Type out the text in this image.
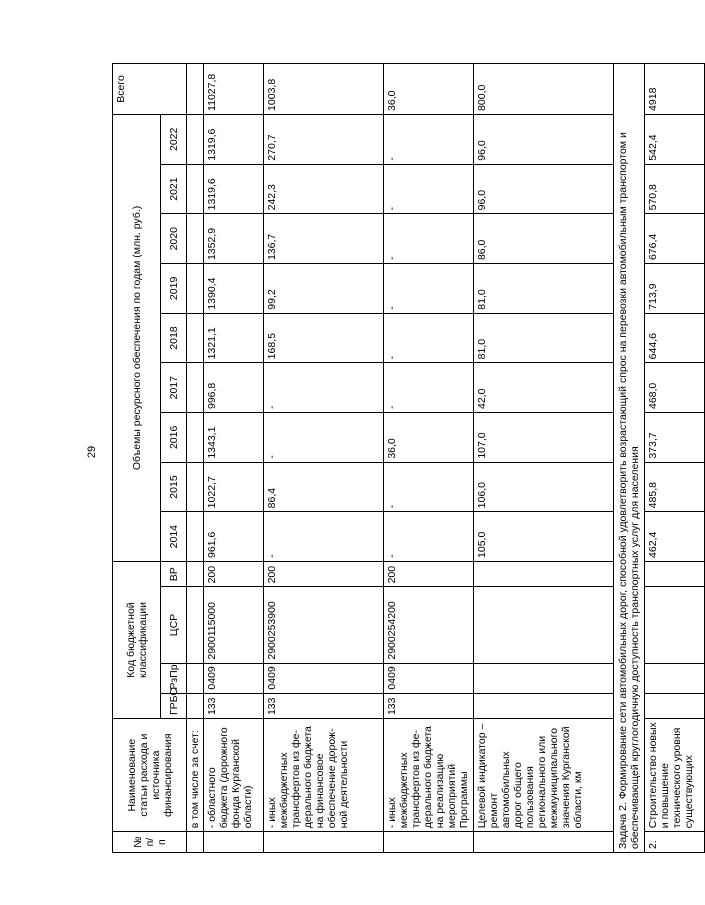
29
№ п/п	Наименование статьи расхода и источника финансирования	Код бюджетной классификации				Объемы ресурсного обеспечения по годам (млн. руб.)									Всего
		ГРБС	РзПр	ЦСР	ВР	2014	2015	2016	2017	2018	2019	2020	2021	2022	
	в том числе за счет:														
	- областного бюджета (дорожного фонда Курганской области)	133	0409	2900115000	200	961,6	1022,7	1343,1	996,8	1321,1	1390,4	1352,9	1319,6	1319,6	11027,8
	- иных межбюджетных трансфертов из фе-дерального бюджета на финансовое обеспечение дорож-ной деятельности	133	0409	2900253900	200	-	86,4	-	-	168,5	99,2	136,7	242,3	270,7	1003,8
	- иных межбюджетных трансфертов из фе-дерального бюджета на реализацию мероприятий Программы	133	0409	2900254200	200	-	-	36,0	-	-	-	-	-	-	36,0
	Целевой индикатор – ремонт автомобильных дорог общего пользования регионального или межмуниципального значения Курганской области, км					105,0	106,0	107,0	42,0	81,0	81,0	86,0	96,0	96,0	800,0
Задача 2. Формирование сети автомобильных дорог, способной удовлетворить возрастающий спрос на перевозки автомобильным транспортом и обеспечивающей круглогодичную доступность транспортных услуг для населения															
2.	Строительство новых и повышение технического уровня существующих					462,4	485,8	373,7	468,0	644,6	713,9	676,4	570,8	542,4	4918
